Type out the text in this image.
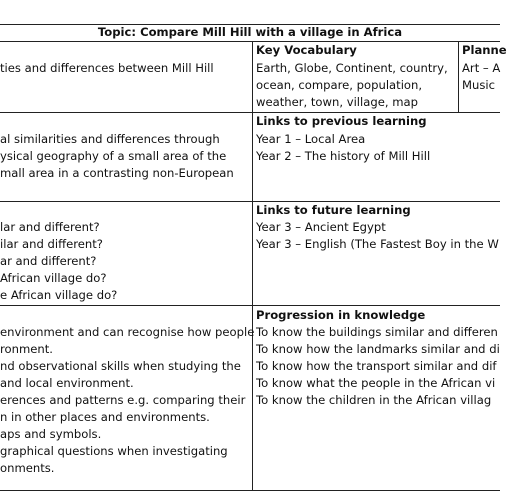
Topic: Compare Mill Hill with a village in Africa
ties and differences between Mill Hill
Key Vocabulary
Earth, Globe, Continent, country,
ocean, compare, population,
weather, town, village, map
Planne
Art – A
Music
al similarities and differences through
ysical geography of a small area of the
mall area in a contrasting non-European
Links to previous learning
Year 1 – Local Area
Year 2 – The history of Mill Hill
lar and different?
ilar and different?
ar and different?
African village do?
e African village do?
Links to future learning
Year 3 – Ancient Egypt
Year 3 – English (The Fastest Boy in the W
environment and can recognise how people
ronment.
nd observational skills when studying the
and local environment.
erences and patterns e.g. comparing their
n in other places and environments.
aps and symbols.
graphical questions when investigating
onments.
Progression in knowledge
To know the buildings similar and differen
To know how the landmarks similar and di
To know how the transport similar and dif
To know what the people in the African vi
To know the children in the African villag
